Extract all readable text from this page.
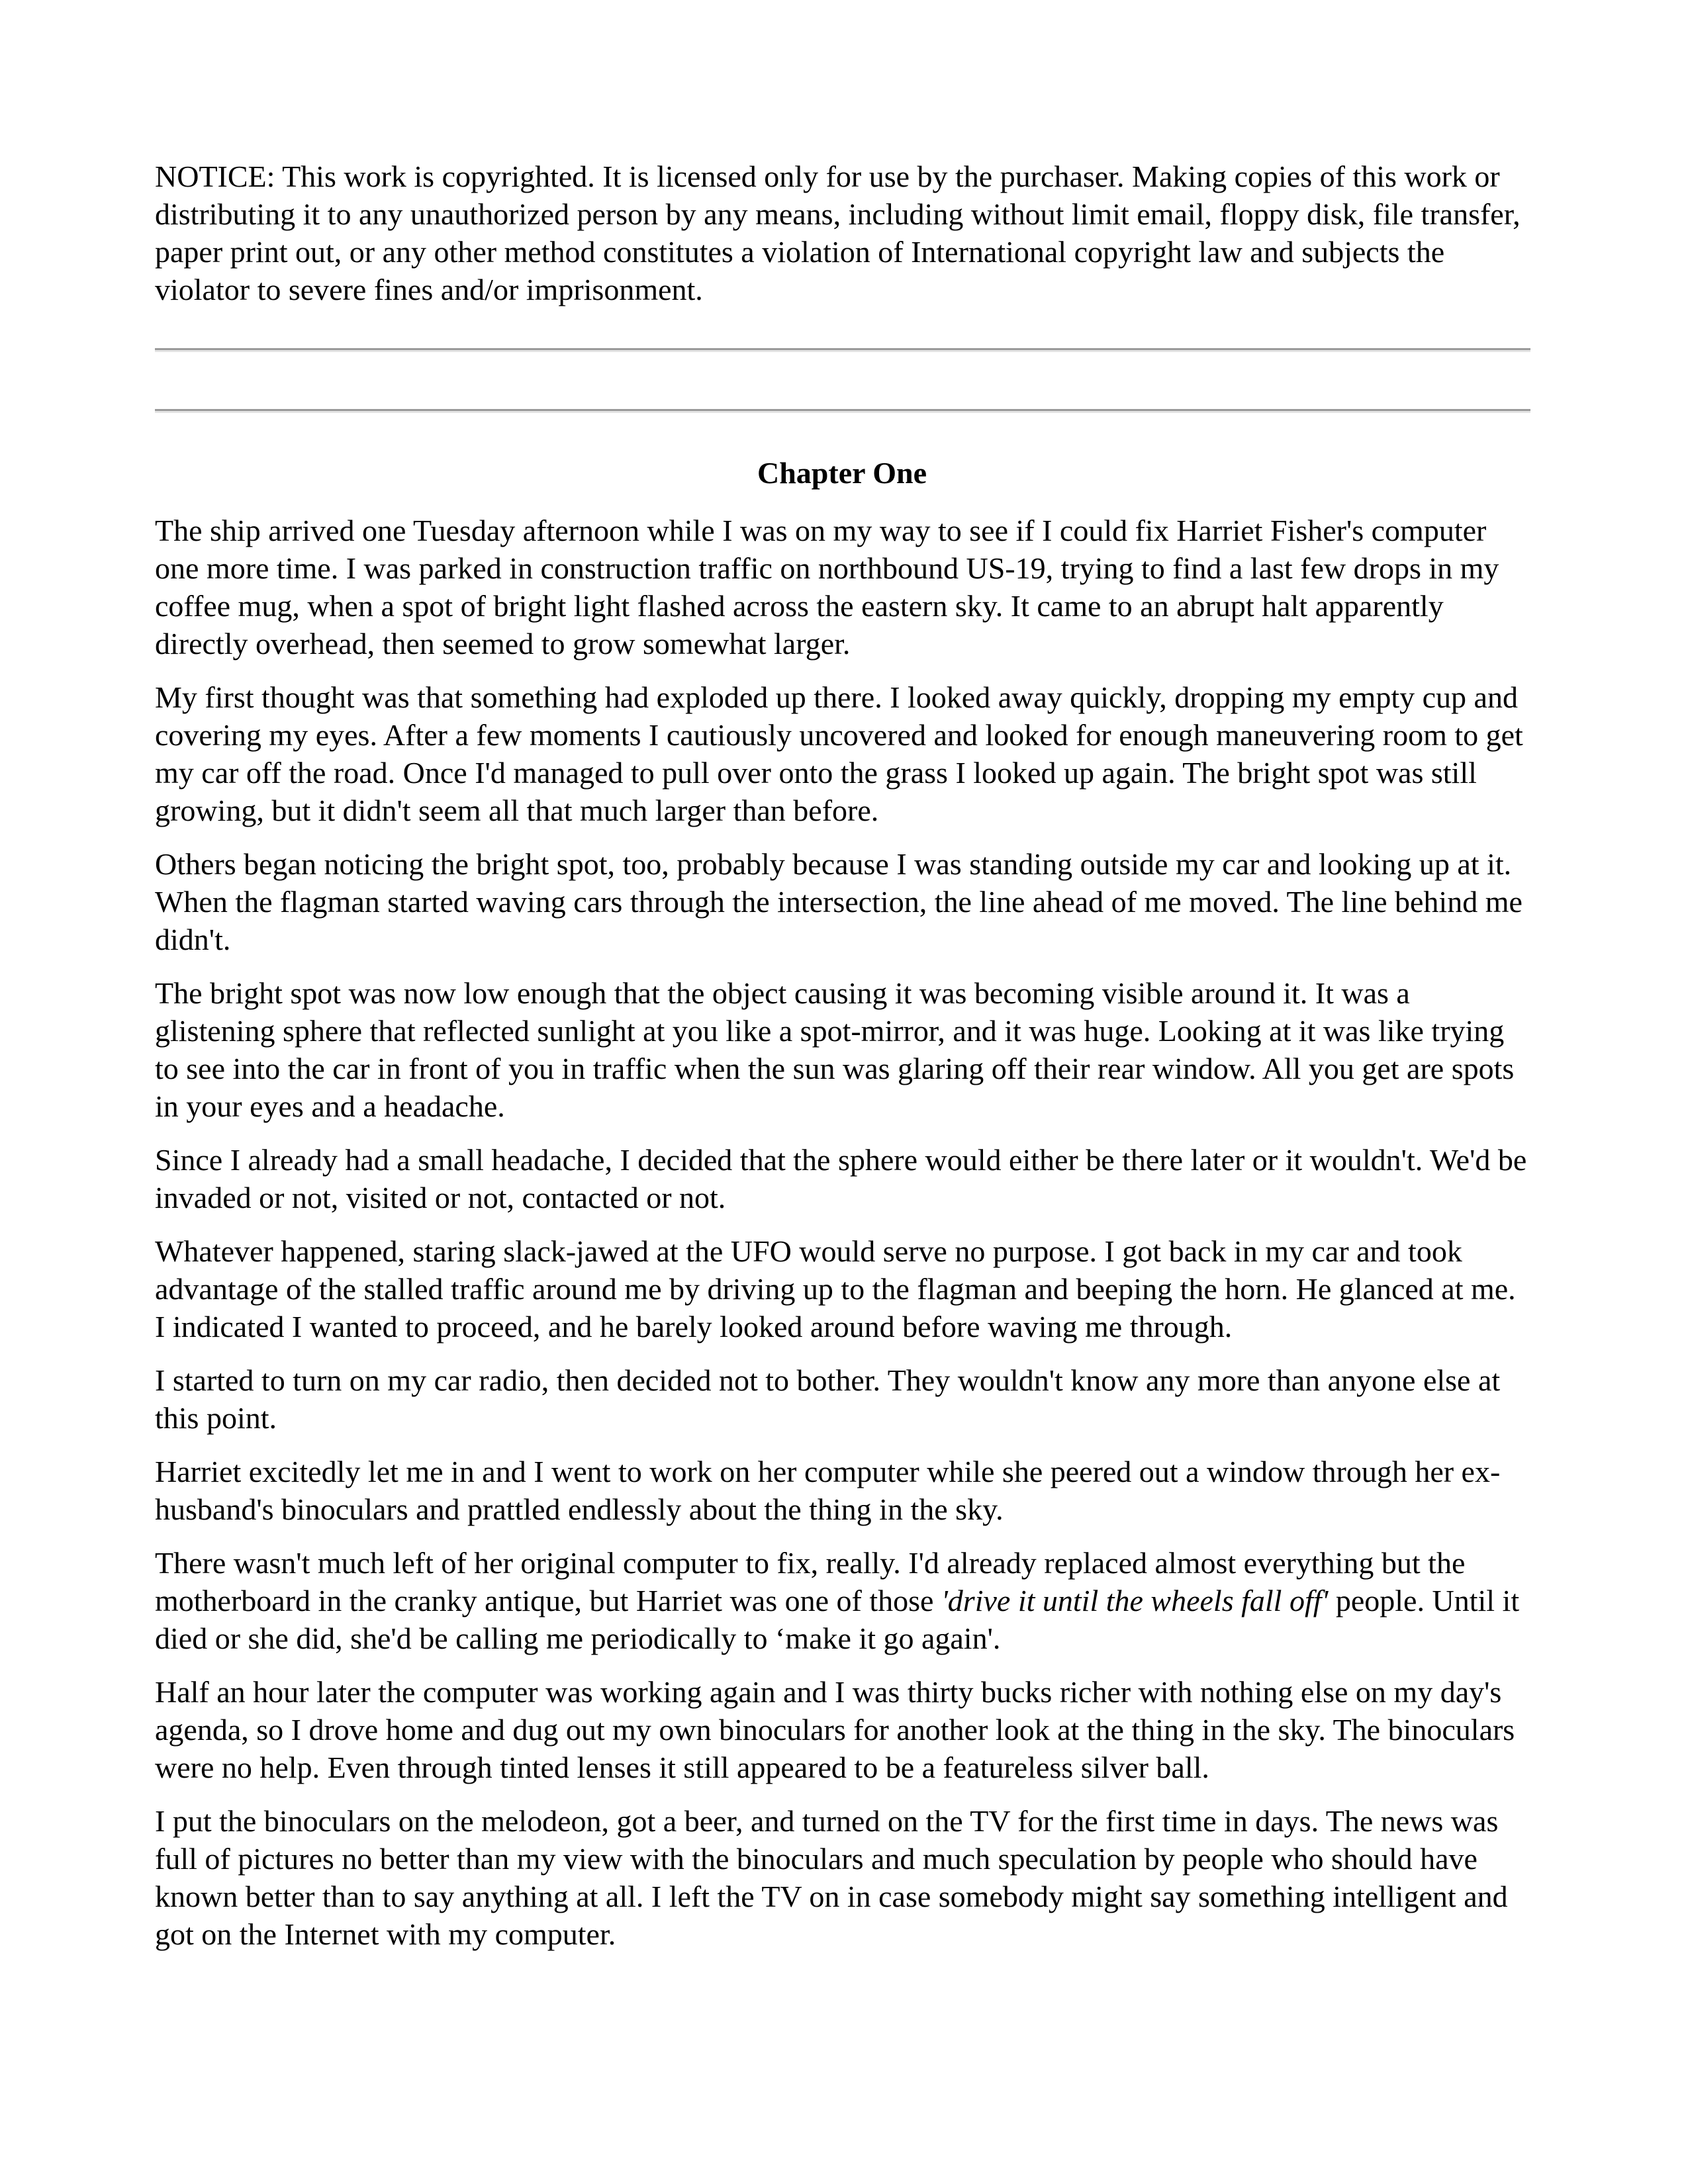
NOTICE: This work is copyrighted. It is licensed only for use by the purchaser. Making copies of this work or distributing it to any unauthorized person by any means, including without limit email, floppy disk, file transfer, paper print out, or any other method constitutes a violation of International copyright law and subjects the violator to severe fines and/or imprisonment.

Chapter One

The ship arrived one Tuesday afternoon while I was on my way to see if I could fix Harriet Fisher's computer one more time. I was parked in construction traffic on northbound US-19, trying to find a last few drops in my coffee mug, when a spot of bright light flashed across the eastern sky. It came to an abrupt halt apparently directly overhead, then seemed to grow somewhat larger.

My first thought was that something had exploded up there. I looked away quickly, dropping my empty cup and covering my eyes. After a few moments I cautiously uncovered and looked for enough maneuvering room to get my car off the road. Once I'd managed to pull over onto the grass I looked up again. The bright spot was still growing, but it didn't seem all that much larger than before.

Others began noticing the bright spot, too, probably because I was standing outside my car and looking up at it. When the flagman started waving cars through the intersection, the line ahead of me moved. The line behind me didn't.

The bright spot was now low enough that the object causing it was becoming visible around it. It was a glistening sphere that reflected sunlight at you like a spot-mirror, and it was huge. Looking at it was like trying to see into the car in front of you in traffic when the sun was glaring off their rear window. All you get are spots in your eyes and a headache.

Since I already had a small headache, I decided that the sphere would either be there later or it wouldn't. We'd be invaded or not, visited or not, contacted or not.

Whatever happened, staring slack-jawed at the UFO would serve no purpose. I got back in my car and took advantage of the stalled traffic around me by driving up to the flagman and beeping the horn. He glanced at me. I indicated I wanted to proceed, and he barely looked around before waving me through.

I started to turn on my car radio, then decided not to bother. They wouldn't know any more than anyone else at this point.

Harriet excitedly let me in and I went to work on her computer while she peered out a window through her ex-husband's binoculars and prattled endlessly about the thing in the sky.

There wasn't much left of her original computer to fix, really. I'd already replaced almost everything but the motherboard in the cranky antique, but Harriet was one of those 'drive it until the wheels fall off' people. Until it died or she did, she'd be calling me periodically to ‘make it go again'.

Half an hour later the computer was working again and I was thirty bucks richer with nothing else on my day's agenda, so I drove home and dug out my own binoculars for another look at the thing in the sky. The binoculars were no help. Even through tinted lenses it still appeared to be a featureless silver ball.

I put the binoculars on the melodeon, got a beer, and turned on the TV for the first time in days. The news was full of pictures no better than my view with the binoculars and much speculation by people who should have known better than to say anything at all. I left the TV on in case somebody might say something intelligent and got on the Internet with my computer.
